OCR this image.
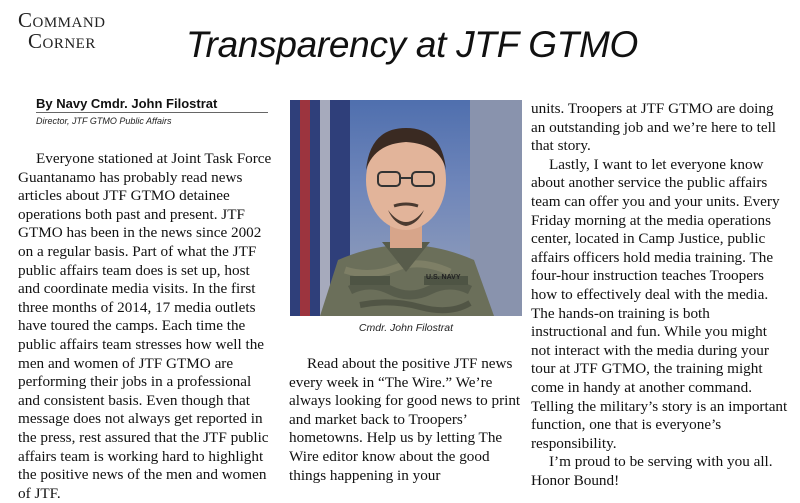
Command
Corner	Transparency at JTF GTMO
By Navy Cmdr. John Filostrat
Director, JTF GTMO Public Affairs

Everyone stationed at Joint Task Force Guantanamo has probably read news articles about JTF GTMO detainee operations both past and present. JTF GTMO has been in the news since 2002 on a regular basis. Part of what the JTF public affairs team does is set up, host and coordinate media visits. In the first three months of 2014, 17 media outlets have toured the camps. Each time the public affairs team stresses how well the men and women of JTF GTMO are performing their jobs in a professional and consistent basis. Even though that message does not always get reported in the press, rest assured that the JTF public affairs team is working hard to highlight the positive news of the men and women of JTF.

U.S. NAVY
Cmdr. John Filostrat

Read about the positive JTF news every week in “The Wire.” We’re always looking for good news to print and market back to Troopers’ hometowns. Help us by letting The Wire editor know about the good things happening in your

units. Troopers at JTF GTMO are doing an outstanding job and we’re here to tell that story.

Lastly, I want to let everyone know about another service the public affairs team can offer you and your units. Every Friday morning at the media operations center, located in Camp Justice, public affairs officers hold media training. The four-hour instruction teaches Troopers how to effectively deal with the media. The hands-on training is both instructional and fun. While you might not interact with the media during your tour at JTF GTMO, the training might come in handy at another command. Telling the military’s story is an important function, one that is everyone’s responsibility.

I’m proud to be serving with you all. Honor Bound!
